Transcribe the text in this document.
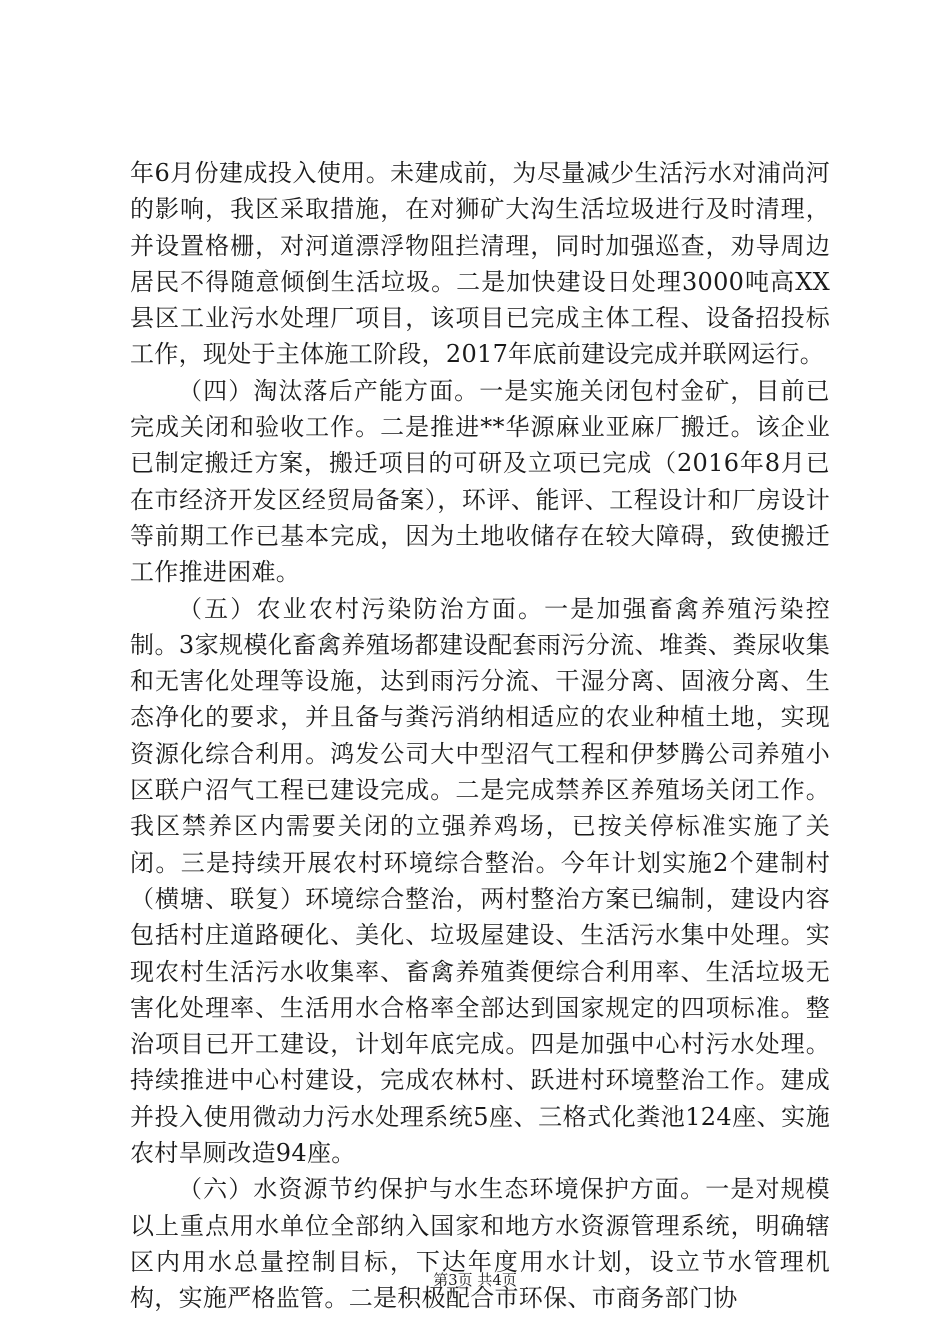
年6月份建成投入使用。未建成前，为尽量减少生活污水对浦尚河的影响，我区采取措施，在对狮矿大沟生活垃圾进行及时清理，并设置格栅，对河道漂浮物阻拦清理，同时加强巡查，劝导周边居民不得随意倾倒生活垃圾。二是加快建设日处理3000吨高XX县区工业污水处理厂项目，该项目已完成主体工程、设备招投标工作，现处于主体施工阶段，2017年底前建设完成并联网运行。

（四）淘汰落后产能方面。一是实施关闭包村金矿，目前已完成关闭和验收工作。二是推进**华源麻业亚麻厂搬迁。该企业已制定搬迁方案，搬迁项目的可研及立项已完成（2016年8月已在市经济开发区经贸局备案），环评、能评、工程设计和厂房设计等前期工作已基本完成，因为土地收储存在较大障碍，致使搬迁工作推进困难。

（五）农业农村污染防治方面。一是加强畜禽养殖污染控制。3家规模化畜禽养殖场都建设配套雨污分流、堆粪、粪尿收集和无害化处理等设施，达到雨污分流、干湿分离、固液分离、生态净化的要求，并且备与粪污消纳相适应的农业种植土地，实现资源化综合利用。鸿发公司大中型沼气工程和伊梦腾公司养殖小区联户沼气工程已建设完成。二是完成禁养区养殖场关闭工作。我区禁养区内需要关闭的立强养鸡场，已按关停标准实施了关闭。三是持续开展农村环境综合整治。今年计划实施2个建制村（横塘、联复）环境综合整治，两村整治方案已编制，建设内容包括村庄道路硬化、美化、垃圾屋建设、生活污水集中处理。实现农村生活污水收集率、畜禽养殖粪便综合利用率、生活垃圾无害化处理率、生活用水合格率全部达到国家规定的四项标准。整治项目已开工建设，计划年底完成。四是加强中心村污水处理。持续推进中心村建设，完成农林村、跃进村环境整治工作。建成并投入使用微动力污水处理系统5座、三格式化粪池124座、实施农村旱厕改造94座。

（六）水资源节约保护与水生态环境保护方面。一是对规模以上重点用水单位全部纳入国家和地方水资源管理系统，明确辖区内用水总量控制目标，下达年度用水计划，设立节水管理机构，实施严格监管。二是积极配合市环保、市商务部门协

第3页 共4页
